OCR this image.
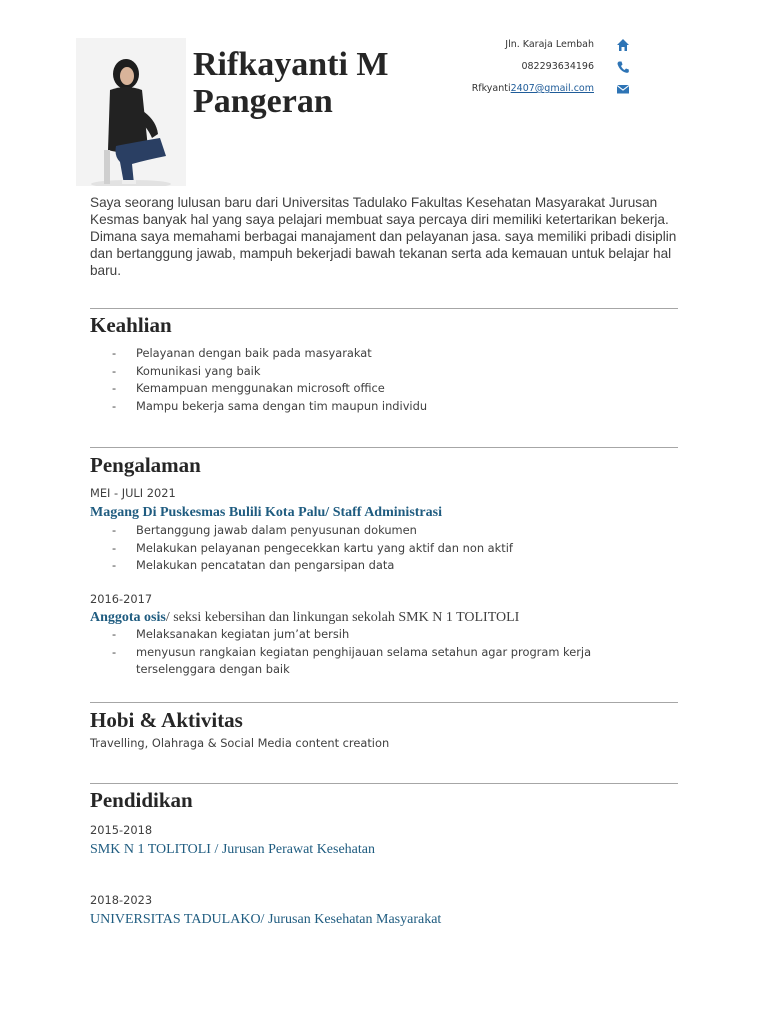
Rifkayanti M
Pangeran
Jln. Karaja Lembah
082293634196
Rfkyanti2407@gmail.com

Saya seorang lulusan baru dari Universitas Tadulako Fakultas Kesehatan Masyarakat Jurusan Kesmas banyak hal yang saya pelajari membuat saya percaya diri memiliki ketertarikan bekerja. Dimana saya memahami berbagai manajament dan pelayanan jasa. saya memiliki pribadi disiplin dan bertanggung jawab, mampuh bekerjadi bawah tekanan serta ada kemauan untuk belajar hal baru.

Keahlian
- Pelayanan dengan baik pada masyarakat
- Komunikasi yang baik
- Kemampuan menggunakan microsoft office
- Mampu bekerja sama dengan tim maupun individu
Pengalaman
MEI - JULI 2021
Magang Di Puskesmas Bulili Kota Palu/ Staff Administrasi
- Bertanggung jawab dalam penyusunan dokumen
- Melakukan pelayanan pengecekkan kartu yang aktif dan non aktif
- Melakukan pencatatan dan pengarsipan data
2016-2017
Anggota osis/ seksi kebersihan dan linkungan sekolah SMK N 1 TOLITOLI
- Melaksanakan kegiatan jum’at bersih
- menyusun rangkaian kegiatan penghijauan selama setahun agar program kerja terselenggara dengan baik
Hobi & Aktivitas
Travelling, Olahraga & Social Media content creation
Pendidikan
2015-2018
SMK N 1 TOLITOLI / Jurusan Perawat Kesehatan
2018-2023
UNIVERSITAS TADULAKO/ Jurusan Kesehatan Masyarakat
